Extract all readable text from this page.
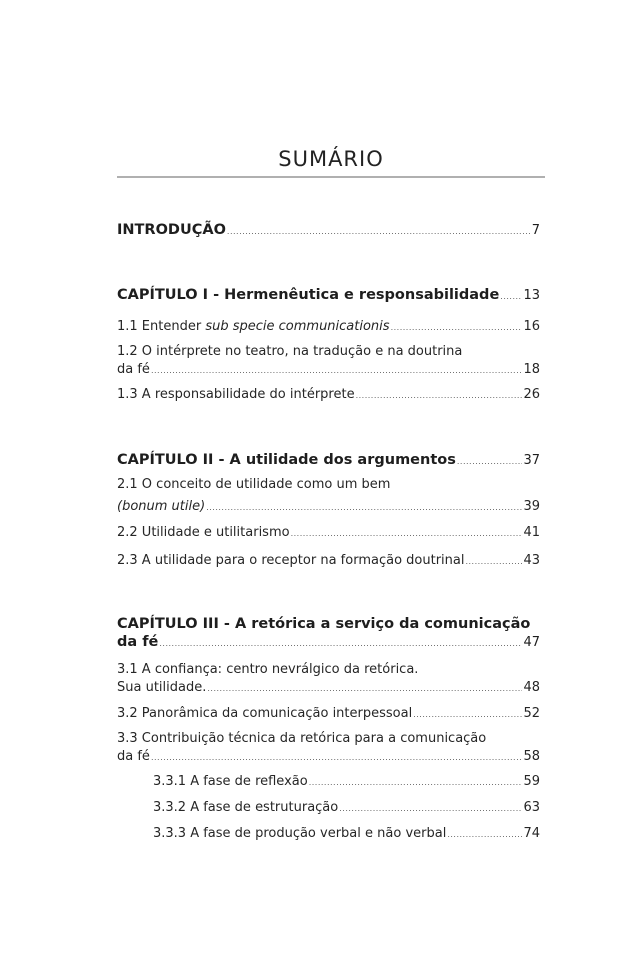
SUMÁRIO
INTRODUÇÃO .....	7
CAPÍTULO I - Hermenêutica e responsabilidade ..... 13
1.1 Entender sub specie communicationis .....	16
1.2 O intérprete no teatro, na tradução e na doutrina
da fé .....	18
1.3 A responsabilidade do intérprete .....	26
CAPÍTULO II - A utilidade dos argumentos .....	37
2.1 O conceito de utilidade como um bem
(bonum utile) .....	39
2.2 Utilidade e utilitarismo .....	41
2.3 A utilidade para o receptor na formação doutrinal .....	43
CAPÍTULO III - A retórica a serviço da comunicação
da fé .....	47
3.1 A confiança: centro nevrálgico da retórica.
Sua utilidade. .....	48
3.2 Panorâmica da comunicação interpessoal .....	52
3.3 Contribuição técnica da retórica para a comunicação
da fé .....	58
3.3.1 A fase de reflexão .....	59
3.3.2 A fase de estruturação .....	63
3.3.3 A fase de produção verbal e não verbal .....	74
